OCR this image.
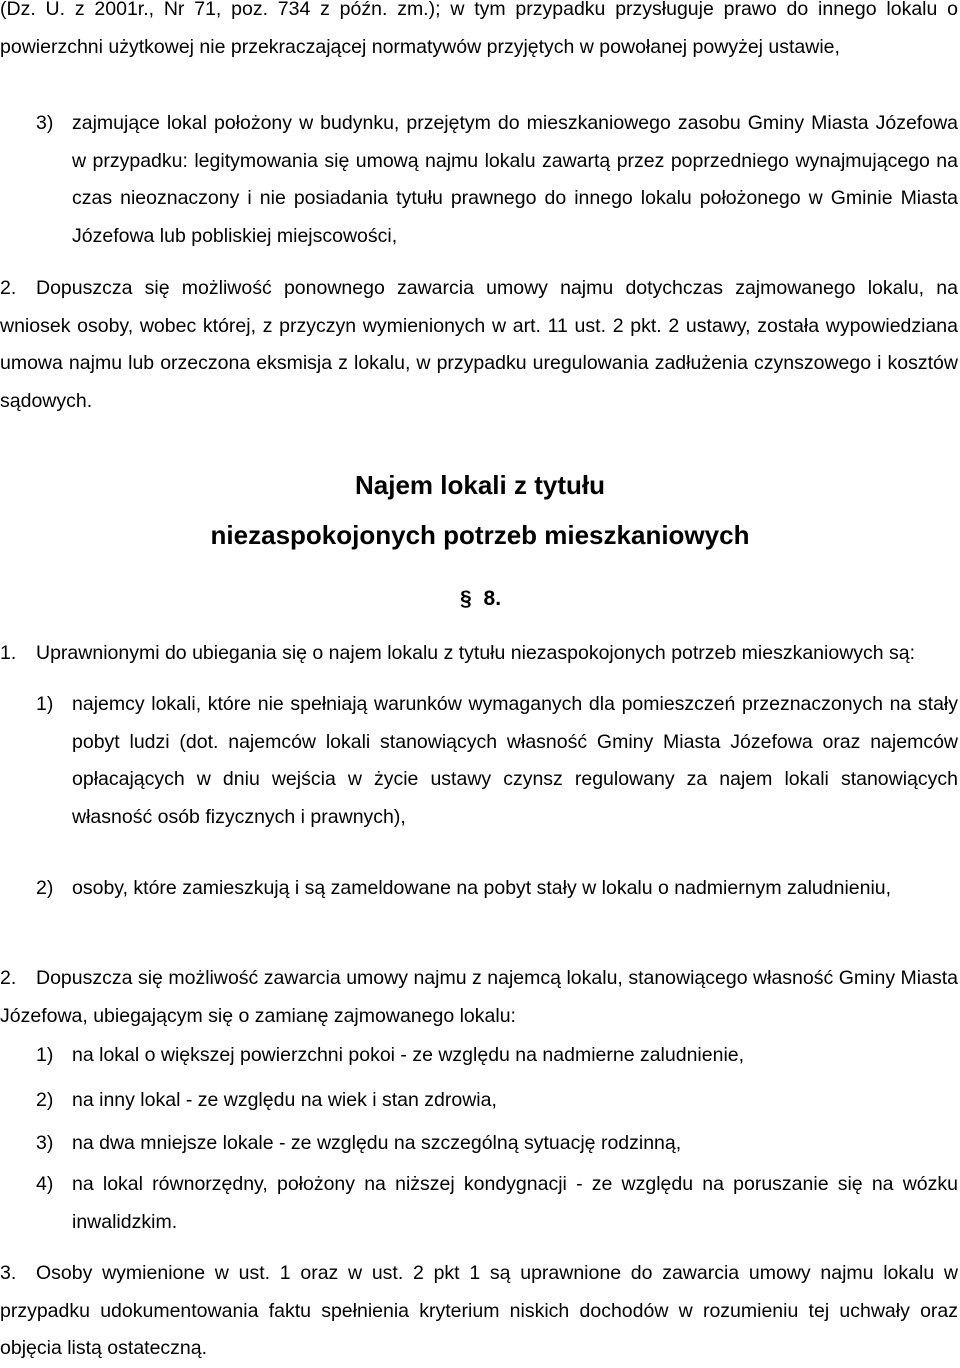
(Dz. U. z 2001r., Nr 71, poz. 734 z późn. zm.); w tym przypadku przysługuje prawo do innego lokalu o powierzchni użytkowej nie przekraczającej normatywów przyjętych w powołanej powyżej ustawie,

3) zajmujące lokal położony w budynku, przejętym do mieszkaniowego zasobu Gminy Miasta Józefowa w przypadku: legitymowania się umową najmu lokalu zawartą przez poprzedniego wynajmującego na czas nieoznaczony i nie posiadania tytułu prawnego do innego lokalu położonego w Gminie Miasta Józefowa lub pobliskiej miejscowości,

2.	Dopuszcza się możliwość ponownego zawarcia umowy najmu dotychczas zajmowanego lokalu, na wniosek osoby, wobec której, z przyczyn wymienionych w art. 11 ust. 2 pkt. 2 ustawy, została wypowiedziana umowa najmu lub orzeczona eksmisja z lokalu, w przypadku uregulowania zadłużenia czynszowego i kosztów sądowych.

Najem lokali z tytułu
niezaspokojonych potrzeb mieszkaniowych
§ 8.
1.	Uprawnionymi do ubiegania się o najem lokalu z tytułu niezaspokojonych potrzeb mieszkaniowych są:

1) najemcy lokali, które nie spełniają warunków wymaganych dla pomieszczeń przeznaczonych na stały pobyt ludzi (dot. najemców lokali stanowiących własność Gminy Miasta Józefowa oraz najemców opłacających w dniu wejścia w życie ustawy czynsz regulowany za najem lokali stanowiących własność osób fizycznych i prawnych),

2) osoby, które zamieszkują i są zameldowane na pobyt stały w lokalu o nadmiernym zaludnieniu,

2.	Dopuszcza się możliwość zawarcia umowy najmu z najemcą lokalu, stanowiącego własność Gminy Miasta Józefowa, ubiegającym się o zamianę zajmowanego lokalu:

1) na lokal o większej powierzchni pokoi - ze względu na nadmierne zaludnienie,

2) na inny lokal - ze względu na wiek i stan zdrowia,

3) na dwa mniejsze lokale - ze względu na szczególną sytuację rodzinną,

4) na lokal równorzędny, położony na niższej kondygnacji - ze względu na poruszanie się na wózku inwalidzkim.

3.	Osoby wymienione w ust. 1 oraz w ust. 2 pkt 1 są uprawnione do zawarcia umowy najmu lokalu w przypadku udokumentowania faktu spełnienia kryterium niskich dochodów w rozumieniu tej uchwały oraz objęcia listą ostateczną.
